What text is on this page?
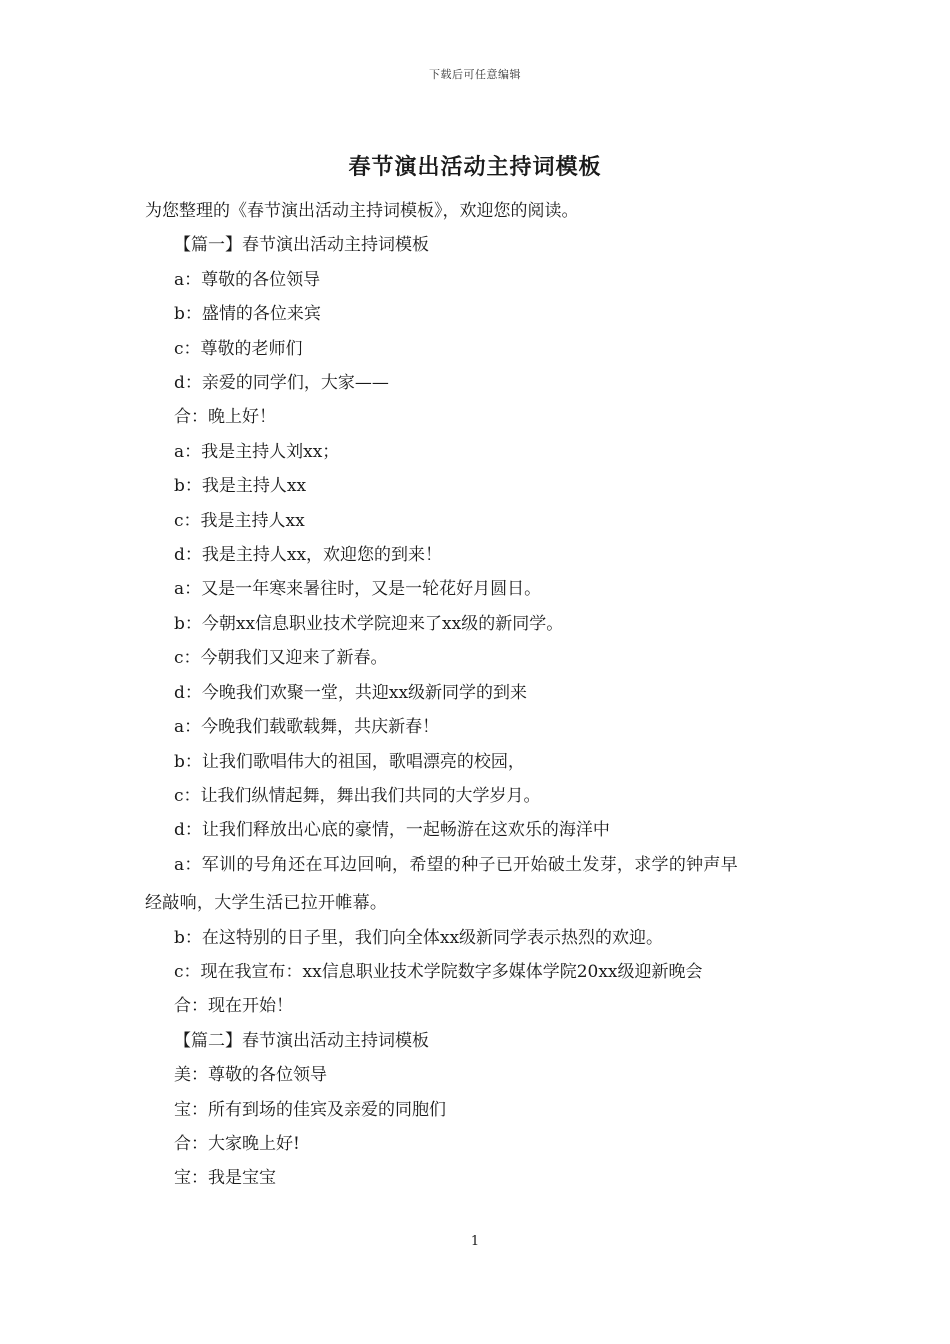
下载后可任意编辑
春节演出活动主持词模板

为您整理的《春节演出活动主持词模板》，欢迎您的阅读。

【篇一】春节演出活动主持词模板

a：尊敬的各位领导

b：盛情的各位来宾

c：尊敬的老师们

d：亲爱的同学们，大家——

合：晚上好！

a：我是主持人刘xx；

b：我是主持人xx

c：我是主持人xx

d：我是主持人xx，欢迎您的到来！

a：又是一年寒来暑往时，又是一轮花好月圆日。

b：今朝xx信息职业技术学院迎来了xx级的新同学。

c：今朝我们又迎来了新春。

d：今晚我们欢聚一堂，共迎xx级新同学的到来

a：今晚我们载歌载舞，共庆新春！

b：让我们歌唱伟大的祖国，歌唱漂亮的校园，

c：让我们纵情起舞，舞出我们共同的大学岁月。

d：让我们释放出心底的豪情，一起畅游在这欢乐的海洋中

a：军训的号角还在耳边回响，希望的种子已开始破土发芽，求学的钟声早
经敲响，大学生活已拉开帷幕。

b：在这特别的日子里，我们向全体xx级新同学表示热烈的欢迎。

c：现在我宣布：xx信息职业技术学院数字多媒体学院20xx级迎新晚会

合：现在开始！

【篇二】春节演出活动主持词模板

美：尊敬的各位领导

宝：所有到场的佳宾及亲爱的同胞们

合：大家晚上好!

宝：我是宝宝

1
